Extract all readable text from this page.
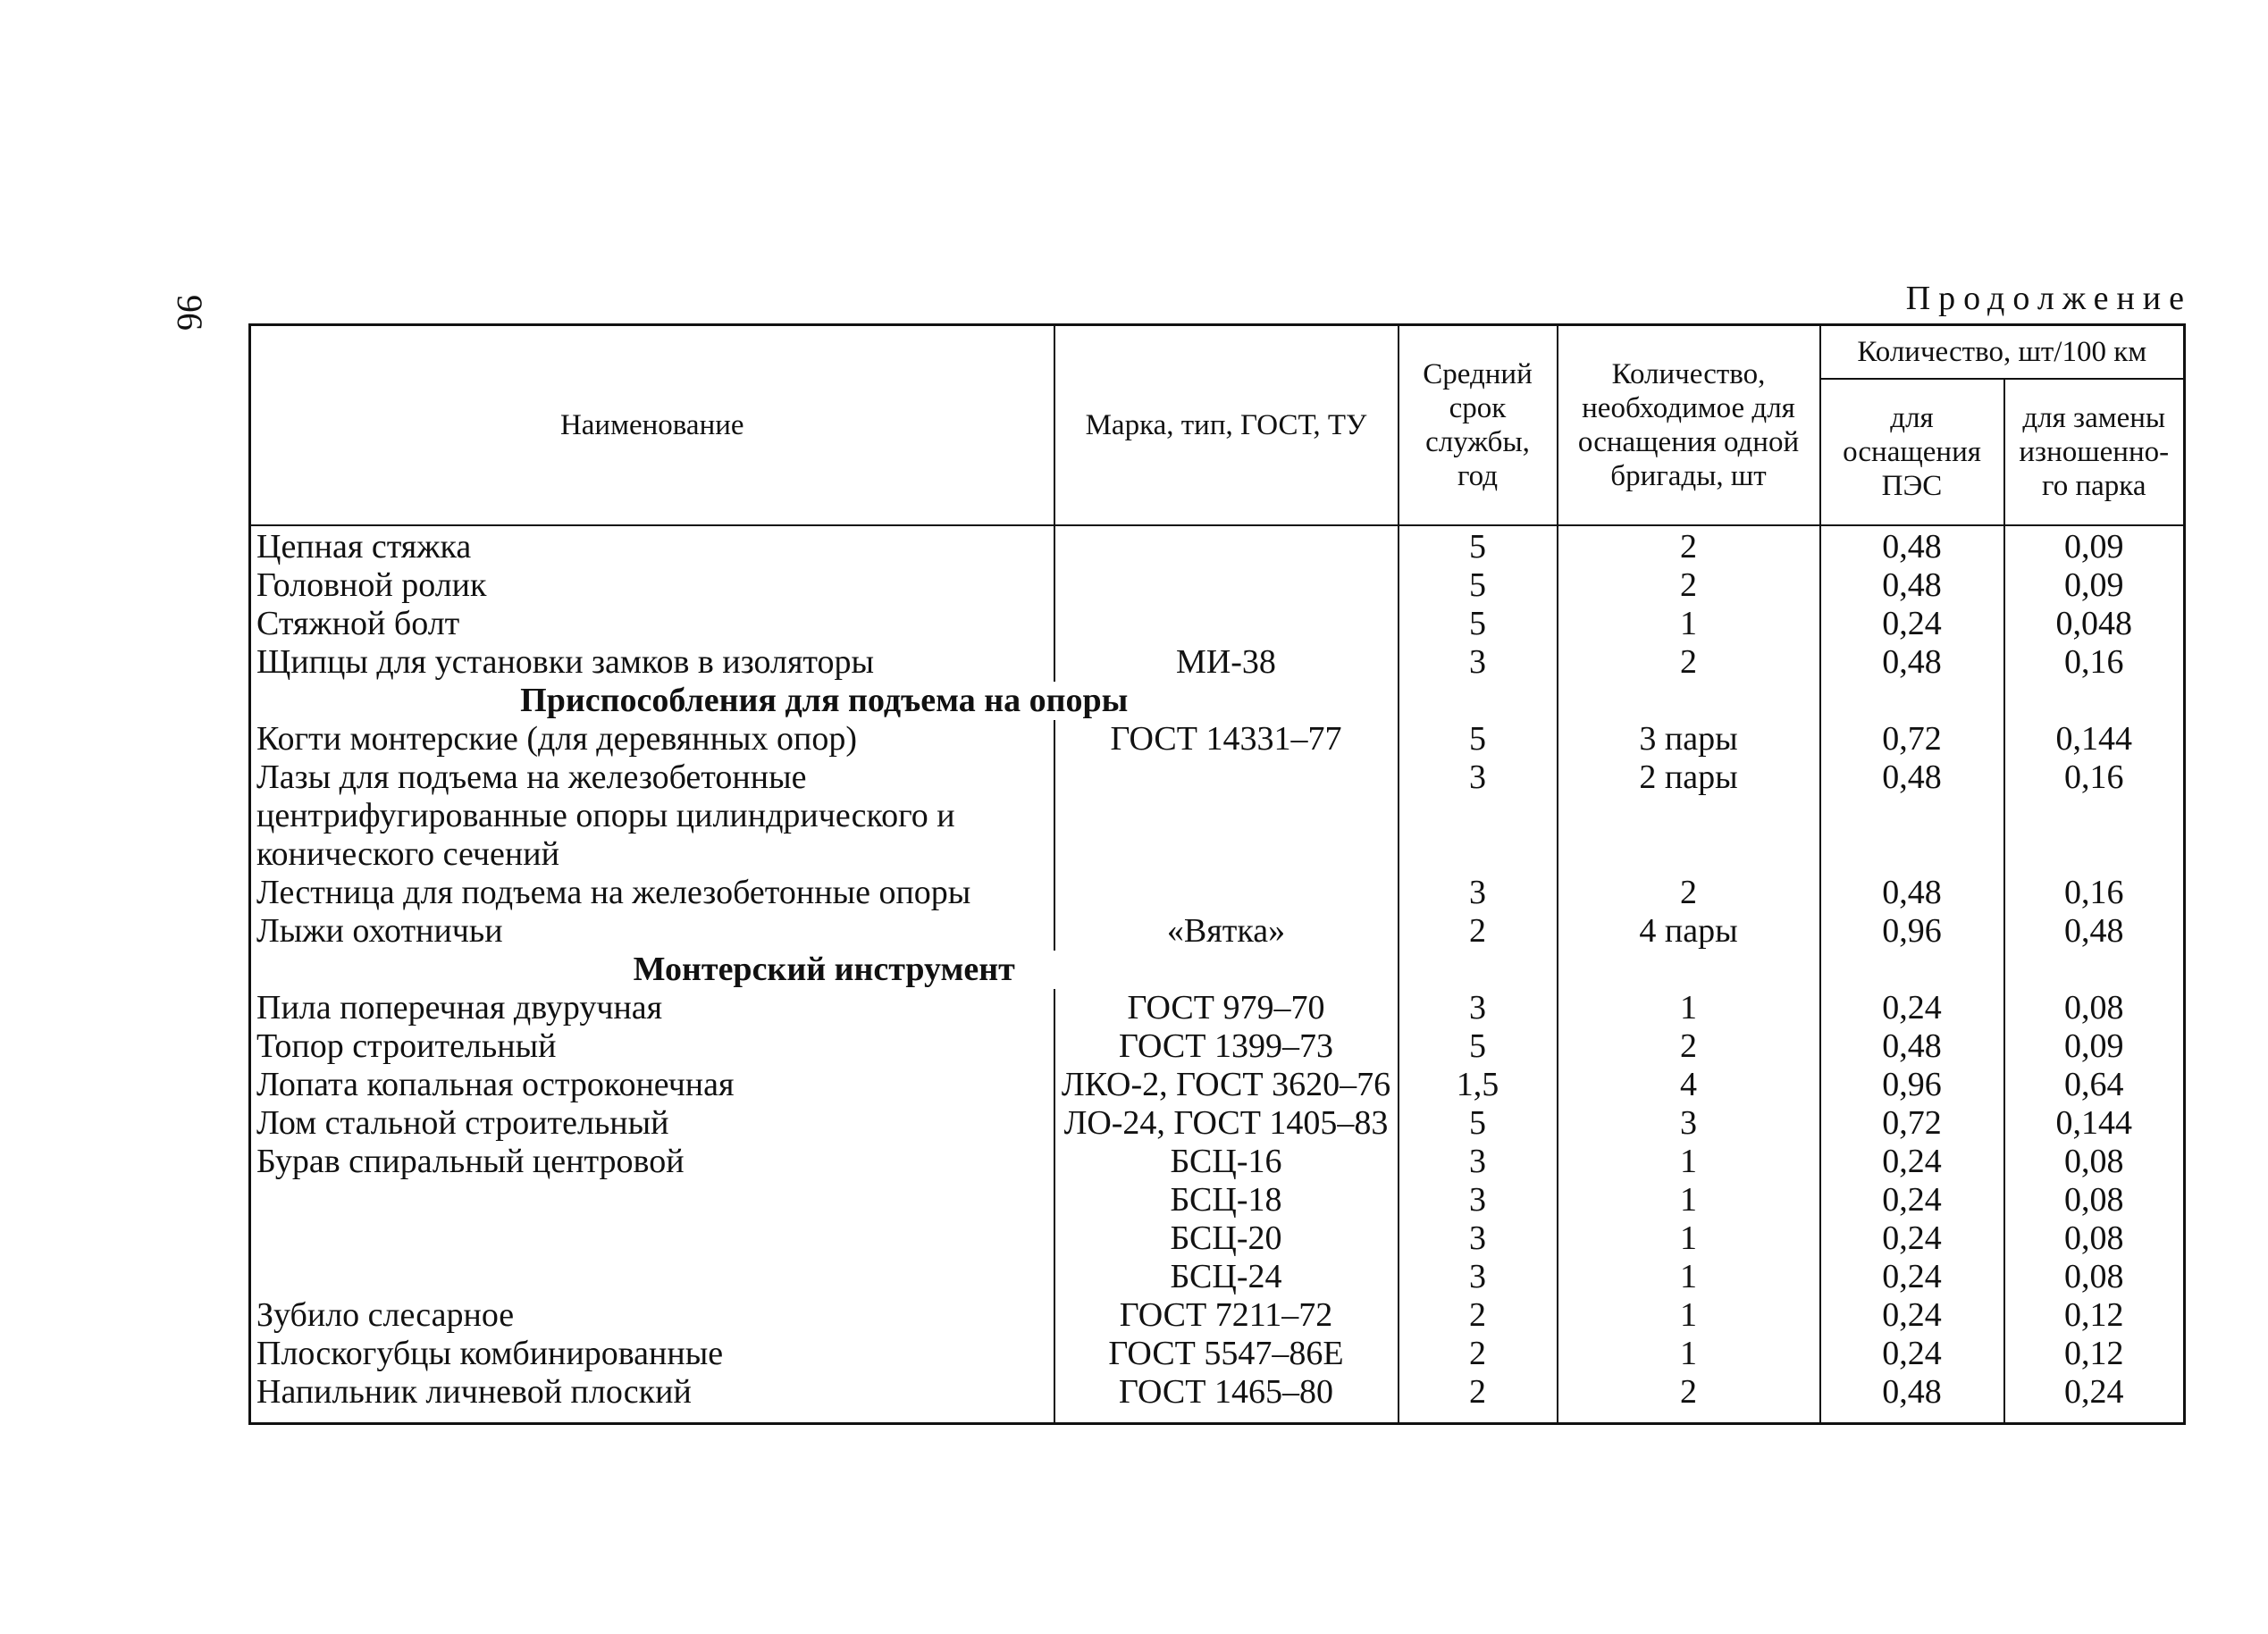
96	Продолжение
Наименование	Марка, тип, ГОСТ, ТУ	Средний срок службы, год	Количество, необходимое для оснащения одной бригады, шт	Количество, шт/100 км	
				для оснащения ПЭС	для замены изношенно-го парка
Цепная стяжка		5	2	0,48	0,09
Головной ролик		5	2	0,48	0,09
Стяжной болт		5	1	0,24	0,048
Щипцы для установки замков в изоляторы	МИ-38	3	2	0,48	0,16
Приспособления для подъема на опоры					
Когти монтерские (для деревянных опор)	ГОСТ 14331–77	5	3 пары	0,72	0,144
Лазы для подъема на железобетонные центрифугированные опоры цилиндрического и конического сечений		3	2 пары	0,48	0,16
Лестница для подъема на железобетонные опоры		3	2	0,48	0,16
Лыжи охотничьи	«Вятка»	2	4 пары	0,96	0,48
Монтерский инструмент					
Пила поперечная двуручная	ГОСТ 979–70	3	1	0,24	0,08
Топор строительный	ГОСТ 1399–73	5	2	0,48	0,09
Лопата копальная остроконечная	ЛКО-2, ГОСТ 3620–76	1,5	4	0,96	0,64
Лом стальной строительный	ЛО-24, ГОСТ 1405–83	5	3	0,72	0,144
Бурав спиральный центровой	БСЦ-16	3	1	0,24	0,08
	БСЦ-18	3	1	0,24	0,08
	БСЦ-20	3	1	0,24	0,08
	БСЦ-24	3	1	0,24	0,08
Зубило слесарное	ГОСТ 7211–72	2	1	0,24	0,12
Плоскогубцы комбинированные	ГОСТ 5547–86Е	2	1	0,24	0,12
Напильник личневой плоский	ГОСТ 1465–80	2	2	0,48	0,24
